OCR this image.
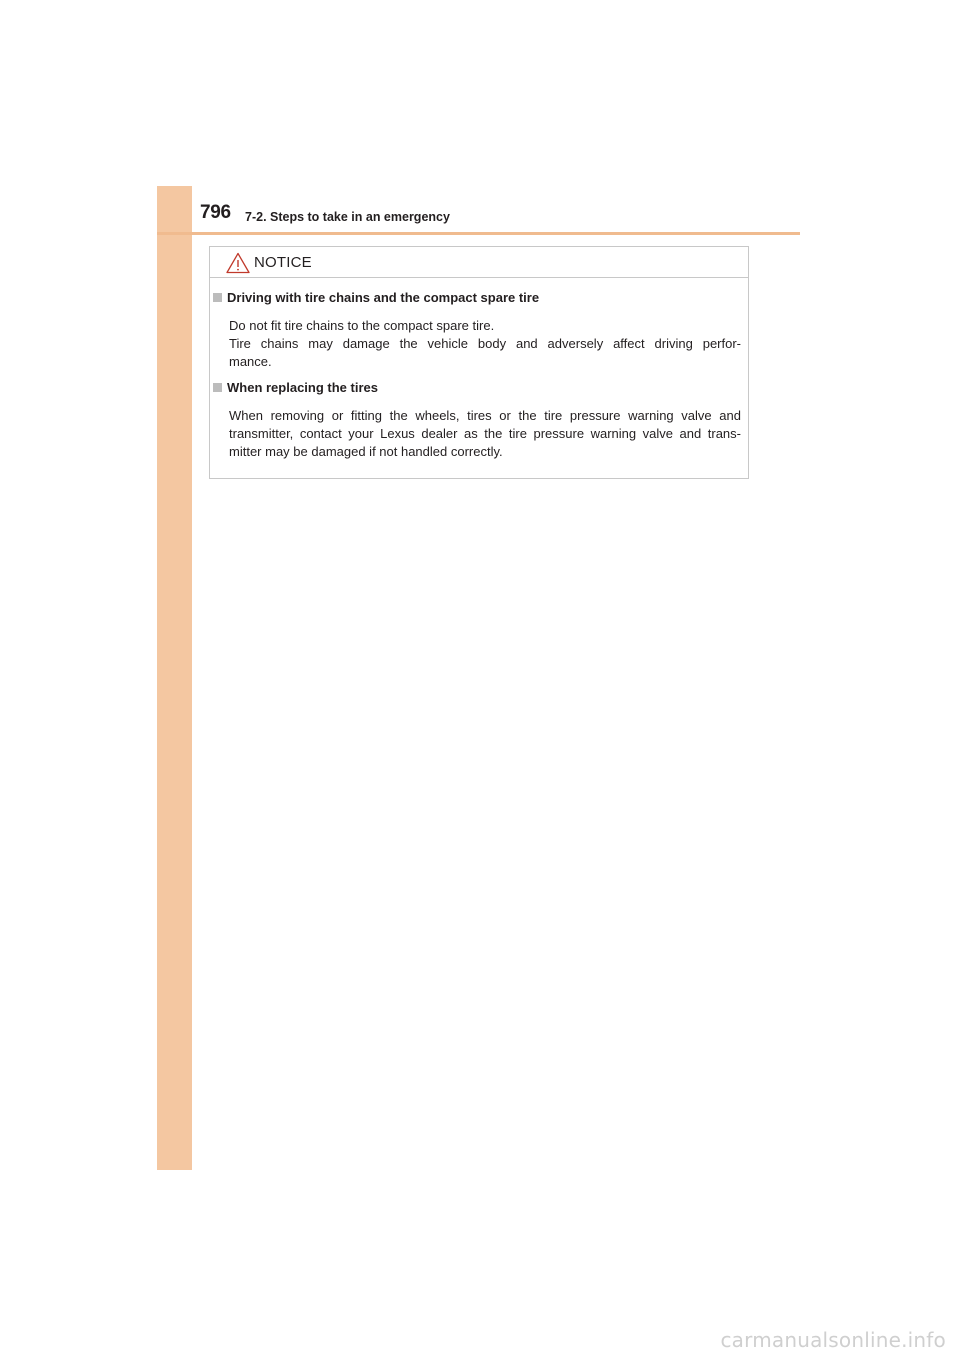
796 7-2. Steps to take in an emergency
NOTICE
Driving with tire chains and the compact spare tire
Do not fit tire chains to the compact spare tire.
Tire chains may damage the vehicle body and adversely affect driving perfor-
mance.
When replacing the tires
When removing or fitting the wheels, tires or the tire pressure warning valve and
transmitter, contact your Lexus dealer as the tire pressure warning valve and trans-
mitter may be damaged if not handled correctly.
carmanualsonline.info
